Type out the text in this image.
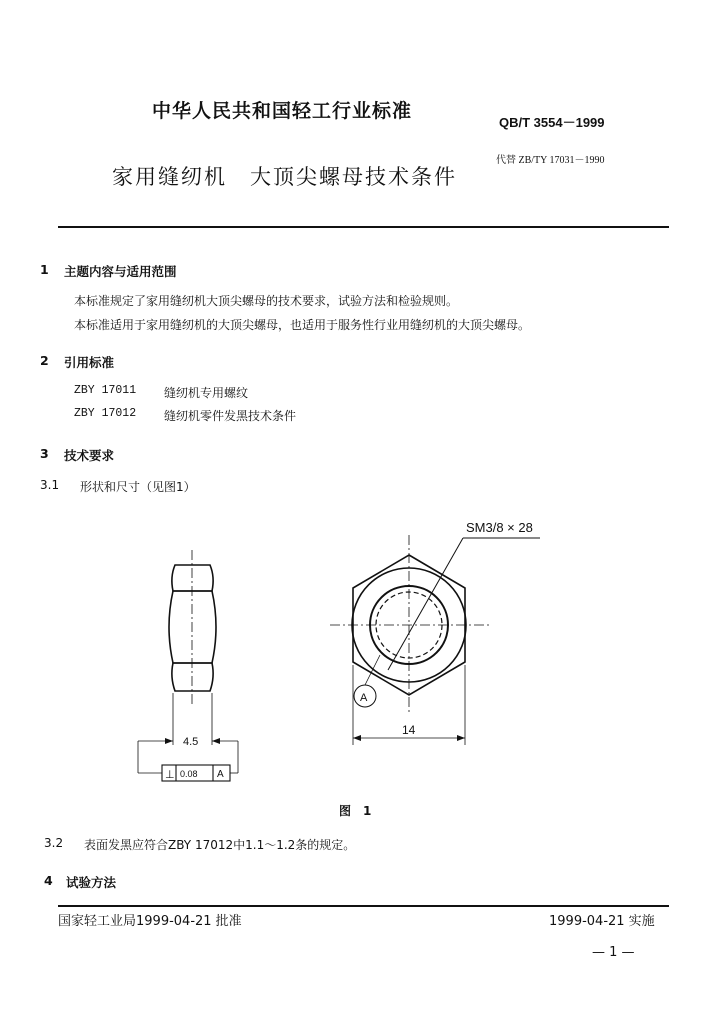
中华人民共和国轻工行业标准
QB/T 3554－1999
家用缝纫机　大顶尖螺母技术条件
代替 ZB/TY 17031－1990
1 主题内容与适用范围
本标准规定了家用缝纫机大顶尖螺母的技术要求，试验方法和检验规则。
本标准适用于家用缝纫机的大顶尖螺母，也适用于服务性行业用缝纫机的大顶尖螺母。
2 引用标准
ZBY 17011 缝纫机专用螺纹
ZBY 17012 缝纫机零件发黑技术条件
3 技术要求
3.1 形状和尺寸（见图1）
SM3/8 × 28
A
14
4.5
⊥ 0.08 A
图　1
3.2 表面发黑应符合ZBY 17012中1.1～1.2条的规定。
4 试验方法
国家轻工业局1999-04-21 批准	1999-04-21 实施
— 1 —
